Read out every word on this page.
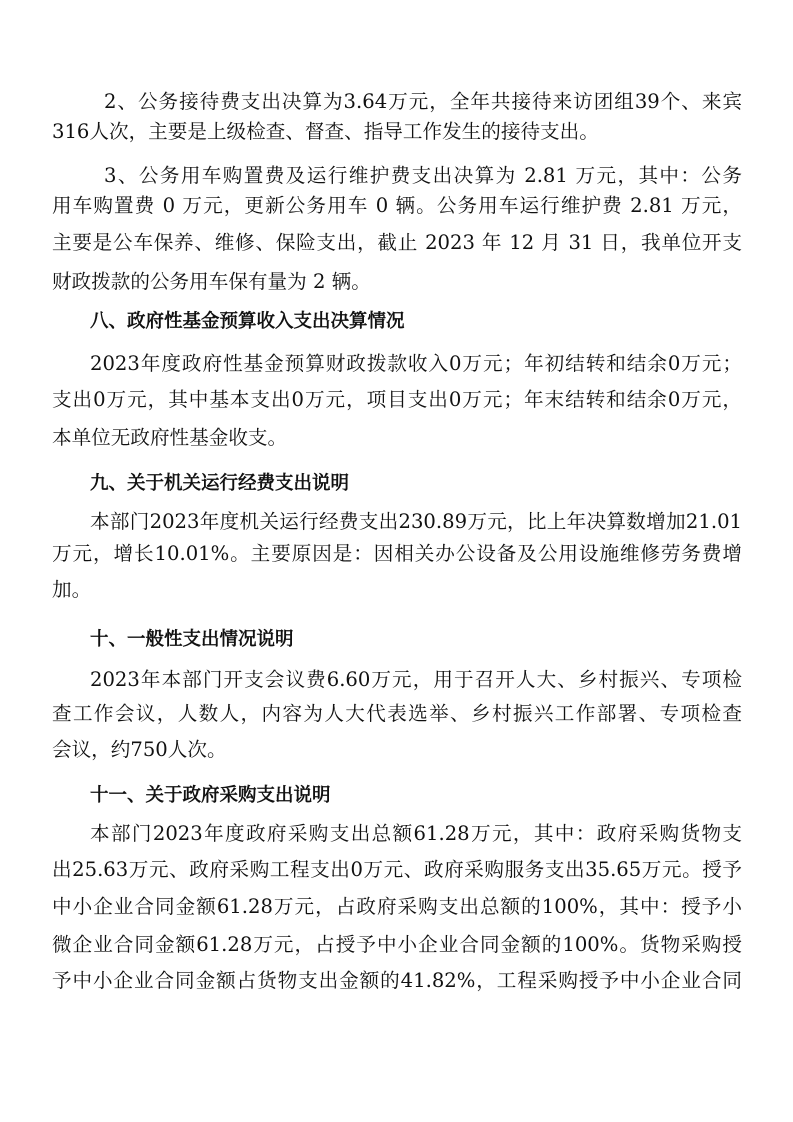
2、公务接待费支出决算为3.64万元，全年共接待来访团组39个、来宾
316人次，主要是上级检查、督查、指导工作发生的接待支出。
3、公务用车购置费及运行维护费支出决算为 2.81 万元，其中：公务
用车购置费 0 万元，更新公务用车 0 辆。公务用车运行维护费 2.81 万元，
主要是公车保养、维修、保险支出，截止 2023 年 12 月 31 日，我单位开支
财政拨款的公务用车保有量为 2 辆。
八、政府性基金预算收入支出决算情况
2023年度政府性基金预算财政拨款收入0万元；年初结转和结余0万元；
支出0万元，其中基本支出0万元，项目支出0万元；年末结转和结余0万元，
本单位无政府性基金收支。
九、关于机关运行经费支出说明
本部门2023年度机关运行经费支出230.89万元，比上年决算数增加21.01
万元，增长10.01%。主要原因是：因相关办公设备及公用设施维修劳务费增
加。
十、一般性支出情况说明
2023年本部门开支会议费6.60万元，用于召开人大、乡村振兴、专项检
查工作会议，人数人，内容为人大代表选举、乡村振兴工作部署、专项检查
会议，约750人次。
十一、关于政府采购支出说明
本部门2023年度政府采购支出总额61.28万元，其中：政府采购货物支
出25.63万元、政府采购工程支出0万元、政府采购服务支出35.65万元。授予
中小企业合同金额61.28万元，占政府采购支出总额的100%，其中：授予小
微企业合同金额61.28万元，占授予中小企业合同金额的100%。货物采购授
予中小企业合同金额占货物支出金额的41.82%，工程采购授予中小企业合同
